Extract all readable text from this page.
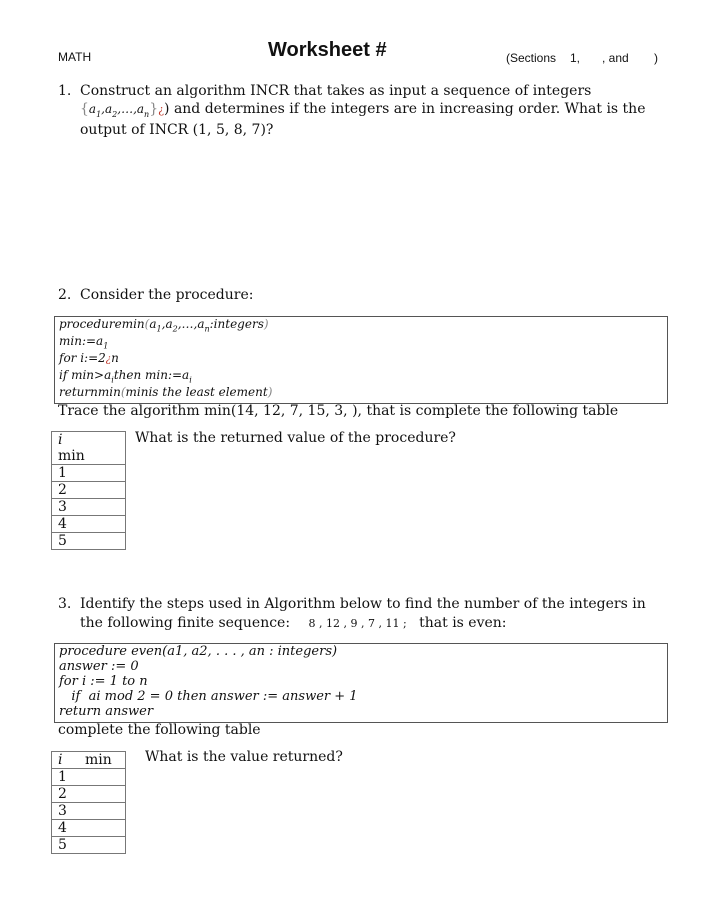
MATH	Worksheet #	(Sections 1, , and )
1. Construct an algorithm INCR that takes as input a sequence of integers
$\{a_1,a_2,\dots,a_n\}¿$) and determines if the integers are in increasing order. What is the
output of INCR (1, 5, 8, 7)?
2. Consider the procedure:
$proceduremin(a_1,a_2,\dots,a_n:integers)$
$\min:=a_1$
for i:=2¿n
if $\min>a_ithen$ $\min:=a_i$
returnmin(minis the least element)
Trace the algorithm min(14, 12, 7, 15, 3, ), that is complete the following table
i
min

1
2
3
4
5
What is the returned value of the procedure?
3. Identify the steps used in Algorithm below to find the number of the integers in
the following finite sequence: 8 , 12 , 9 , 7 , 11 ; that is even:
procedure even(a1, a2, . . . , an : integers)
answer := 0
for i := 1 to n
if  ai mod 2 = 0 then answer := answer + 1
return answer
complete the following table
i min
1
2
3
4
5
What is the value returned?
